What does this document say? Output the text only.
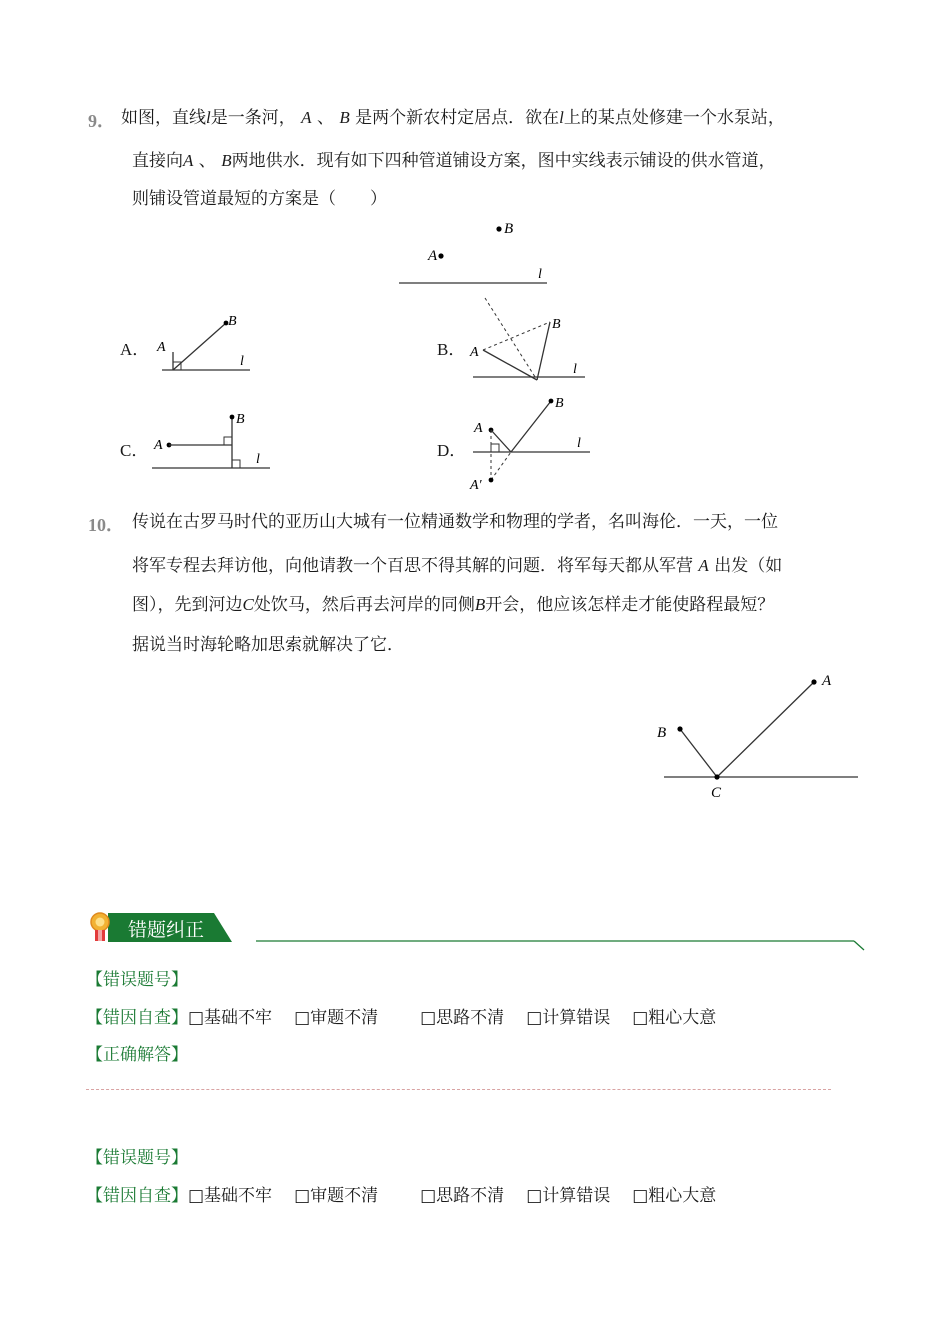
9． 如图，直线l是一条河， A 、 B 是两个新农村定居点．欲在l上的某点处修建一个水泵站，
直接向A 、 B两地供水．现有如下四种管道铺设方案，图中实线表示铺设的供水管道，
则铺设管道最短的方案是（　　）
B
A
l
A．
B
A
l
B． A
B
l
C． A
B
l	D．
A
B
A′
l
10． 传说在古罗马时代的亚历山大城有一位精通数学和物理的学者，名叫海伦．一天，一位
将军专程去拜访他，向他请教一个百思不得其解的问题．将军每天都从军营 A 出发（如
图），先到河边C处饮马，然后再去河岸的同侧B开会，他应该怎样走才能使路程最短？
据说当时海轮略加思索就解决了它．
B
A
C
错题纠正
【错误题号】
【错因自查】□基础不牢 □审题不清 □思路不清 □计算错误 □粗心大意
【正确解答】
【错误题号】
【错因自查】□基础不牢 □审题不清 □思路不清 □计算错误 □粗心大意
